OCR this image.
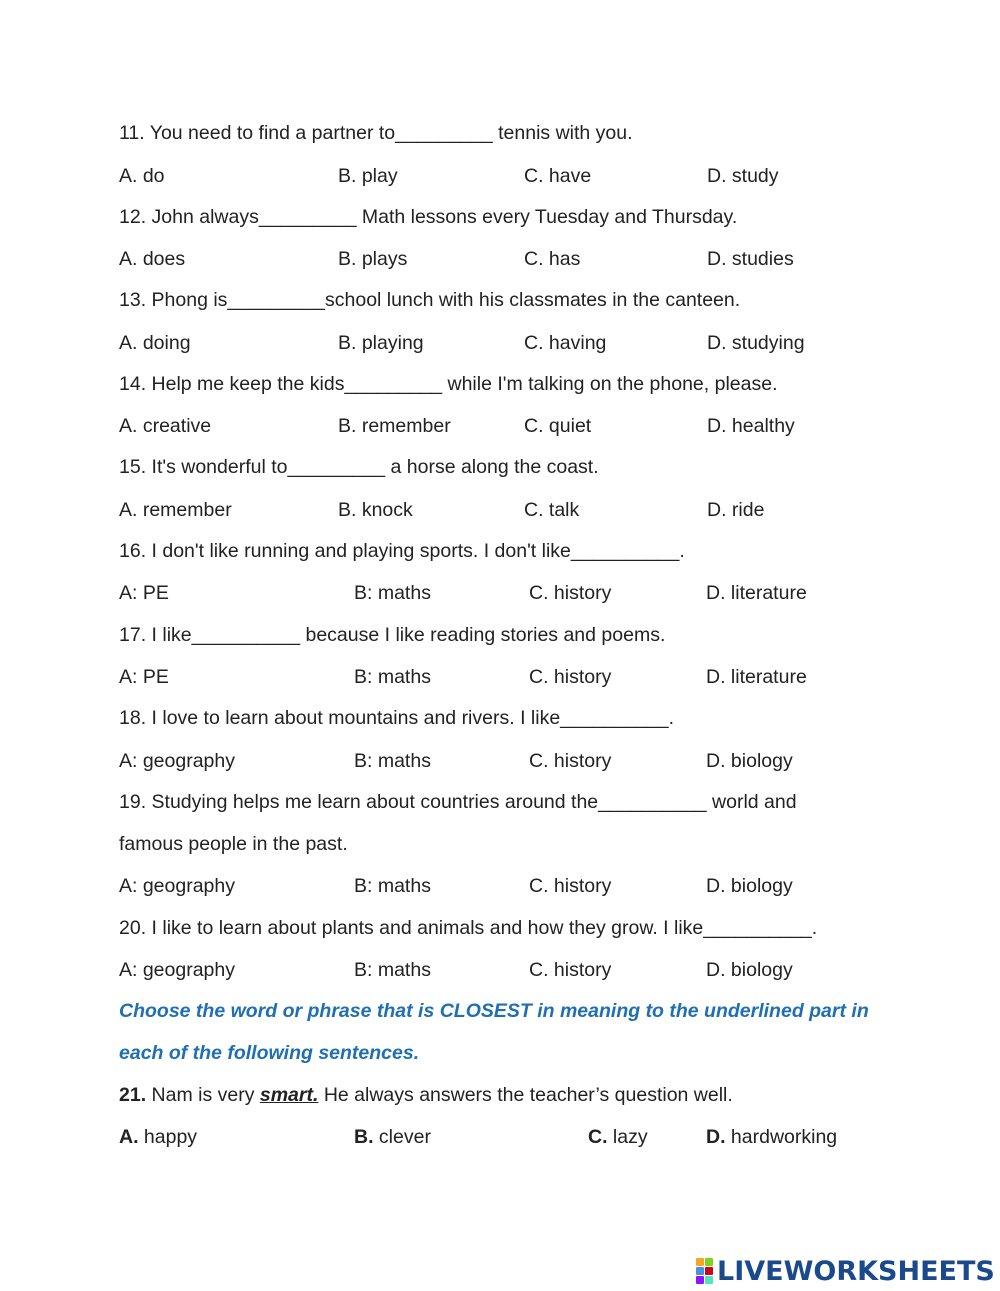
11. You need to find a partner to_________ tennis with you.
A. do	B. play	C. have	D. study
12. John always_________ Math lessons every Tuesday and Thursday.
A. does	B. plays	C. has	D. studies
13. Phong is_________school lunch with his classmates in the canteen.
A. doing	B. playing	C. having	D. studying
14. Help me keep the kids_________ while I'm talking on the phone, please.
A. creative	B. remember	C. quiet	D. healthy
15. It's wonderful to_________ a horse along the coast.
A. remember	B. knock	C. talk	D. ride
16. I don't like running and playing sports. I don't like__________.
A: PE	B: maths	C. history	D. literature
17. I like__________ because I like reading stories and poems.
A: PE	B: maths	C. history	D. literature
18. I love to learn about mountains and rivers. I like__________.
A: geography	B: maths	C. history	D. biology
19. Studying helps me learn about countries around the__________ world and
famous people in the past.
A: geography	B: maths	C. history	D. biology
20. I like to learn about plants and animals and how they grow. I like__________.
A: geography	B: maths	C. history	D. biology
Choose the word or phrase that is CLOSEST in meaning to the underlined part in
each of the following sentences.
21. Nam is very smart. He always answers the teacher’s question well.
A. happy	B. clever	C. lazy	D. hardworking
LIVEWORKSHEETS
